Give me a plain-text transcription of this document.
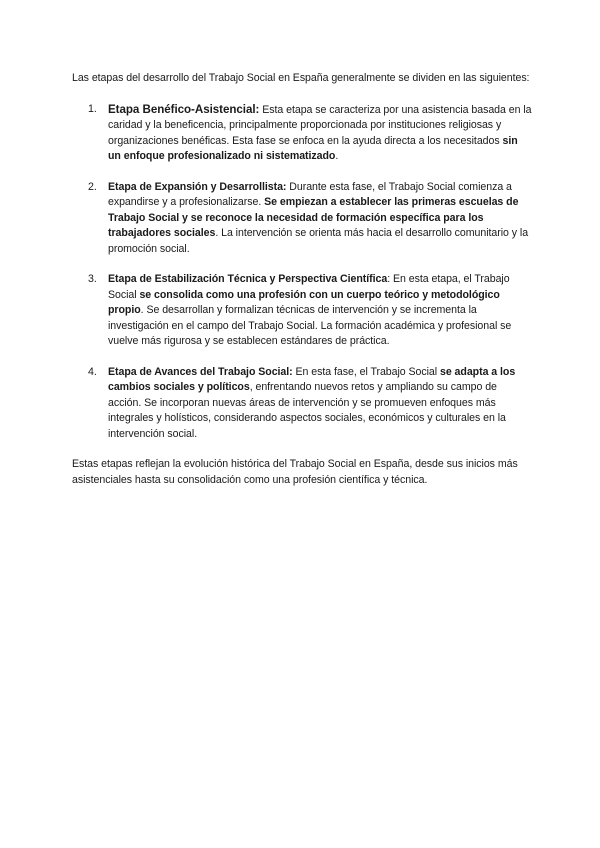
Las etapas del desarrollo del Trabajo Social en España generalmente se dividen en las siguientes:

1. Etapa Benéfico-Asistencial: Esta etapa se caracteriza por una asistencia basada en la caridad y la beneficencia, principalmente proporcionada por instituciones religiosas y organizaciones benéficas. Esta fase se enfoca en la ayuda directa a los necesitados sin un enfoque profesionalizado ni sistematizado.

2. Etapa de Expansión y Desarrollista: Durante esta fase, el Trabajo Social comienza a expandirse y a profesionalizarse. Se empiezan a establecer las primeras escuelas de Trabajo Social y se reconoce la necesidad de formación específica para los trabajadores sociales. La intervención se orienta más hacia el desarrollo comunitario y la promoción social.

3. Etapa de Estabilización Técnica y Perspectiva Científica: En esta etapa, el Trabajo Social se consolida como una profesión con un cuerpo teórico y metodológico propio. Se desarrollan y formalizan técnicas de intervención y se incrementa la investigación en el campo del Trabajo Social. La formación académica y profesional se vuelve más rigurosa y se establecen estándares de práctica.

4. Etapa de Avances del Trabajo Social: En esta fase, el Trabajo Social se adapta a los cambios sociales y políticos, enfrentando nuevos retos y ampliando su campo de acción. Se incorporan nuevas áreas de intervención y se promueven enfoques más integrales y holísticos, considerando aspectos sociales, económicos y culturales en la intervención social.

Estas etapas reflejan la evolución histórica del Trabajo Social en España, desde sus inicios más asistenciales hasta su consolidación como una profesión científica y técnica.
